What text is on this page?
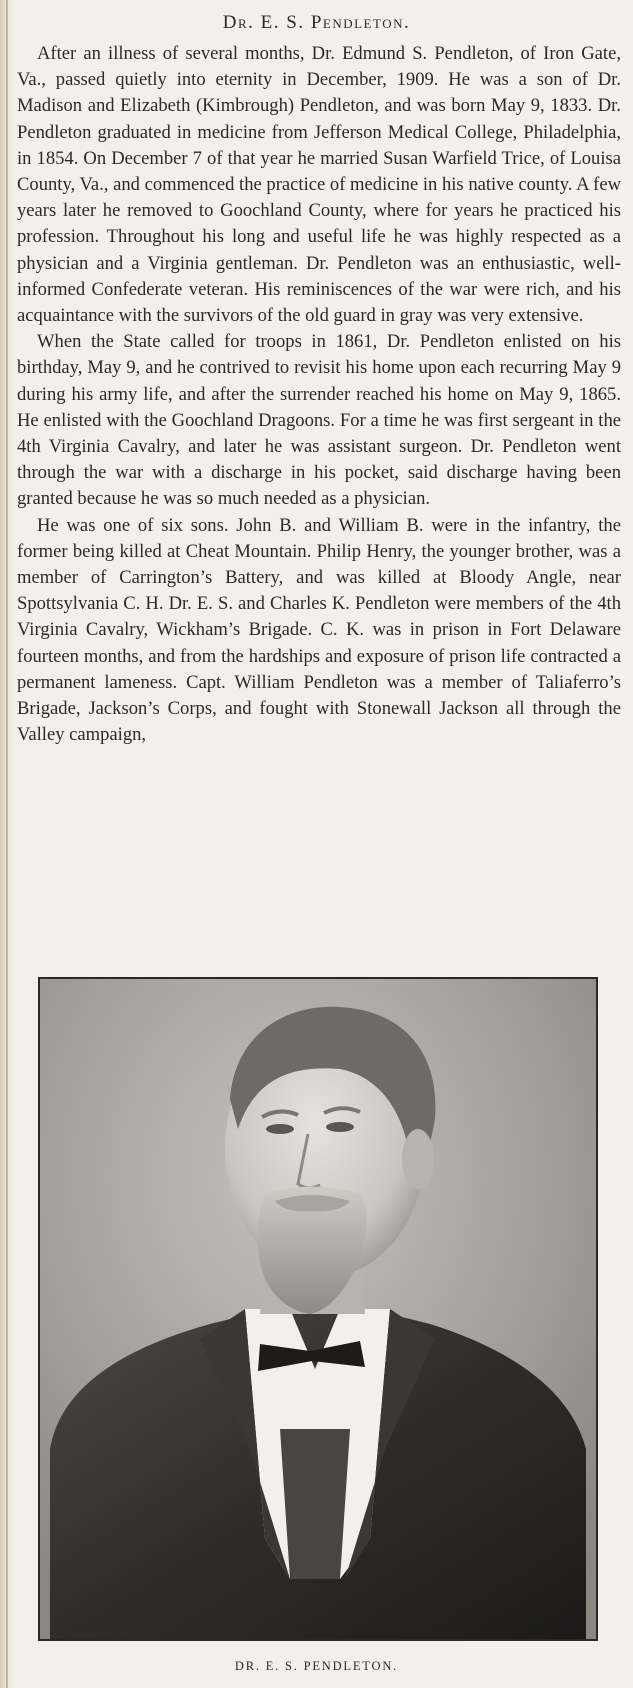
Dr. E. S. Pendleton.

After an illness of several months, Dr. Edmund S. Pendleton, of Iron Gate, Va., passed quietly into eternity in December, 1909. He was a son of Dr. Madison and Elizabeth (Kimbrough) Pendleton, and was born May 9, 1833. Dr. Pendleton graduated in medicine from Jefferson Medical College, Philadelphia, in 1854. On December 7 of that year he married Susan Warfield Trice, of Louisa County, Va., and commenced the practice of medicine in his native county. A few years later he removed to Goochland County, where for years he practiced his profession. Throughout his long and useful life he was highly respected as a physician and a Virginia gentleman. Dr. Pendleton was an enthusiastic, well-informed Confederate veteran. His reminiscences of the war were rich, and his acquaintance with the survivors of the old guard in gray was very extensive.

When the State called for troops in 1861, Dr. Pendleton enlisted on his birthday, May 9, and he contrived to revisit his home upon each recurring May 9 during his army life, and after the surrender reached his home on May 9, 1865. He enlisted with the Goochland Dragoons. For a time he was first sergeant in the 4th Virginia Cavalry, and later he was assistant surgeon. Dr. Pendleton went through the war with a discharge in his pocket, said discharge having been granted because he was so much needed as a physician.

He was one of six sons. John B. and William B. were in the infantry, the former being killed at Cheat Mountain. Philip Henry, the younger brother, was a member of Carrington’s Battery, and was killed at Bloody Angle, near Spottsylvania C. H. Dr. E. S. and Charles K. Pendleton were members of the 4th Virginia Cavalry, Wickham’s Brigade. C. K. was in prison in Fort Delaware fourteen months, and from the hardships and exposure of prison life contracted a permanent lameness. Capt. William Pendleton was a member of Taliaferro’s Brigade, Jackson’s Corps, and fought with Stonewall Jackson all through the Valley campaign,

DR. E. S. PENDLETON.
